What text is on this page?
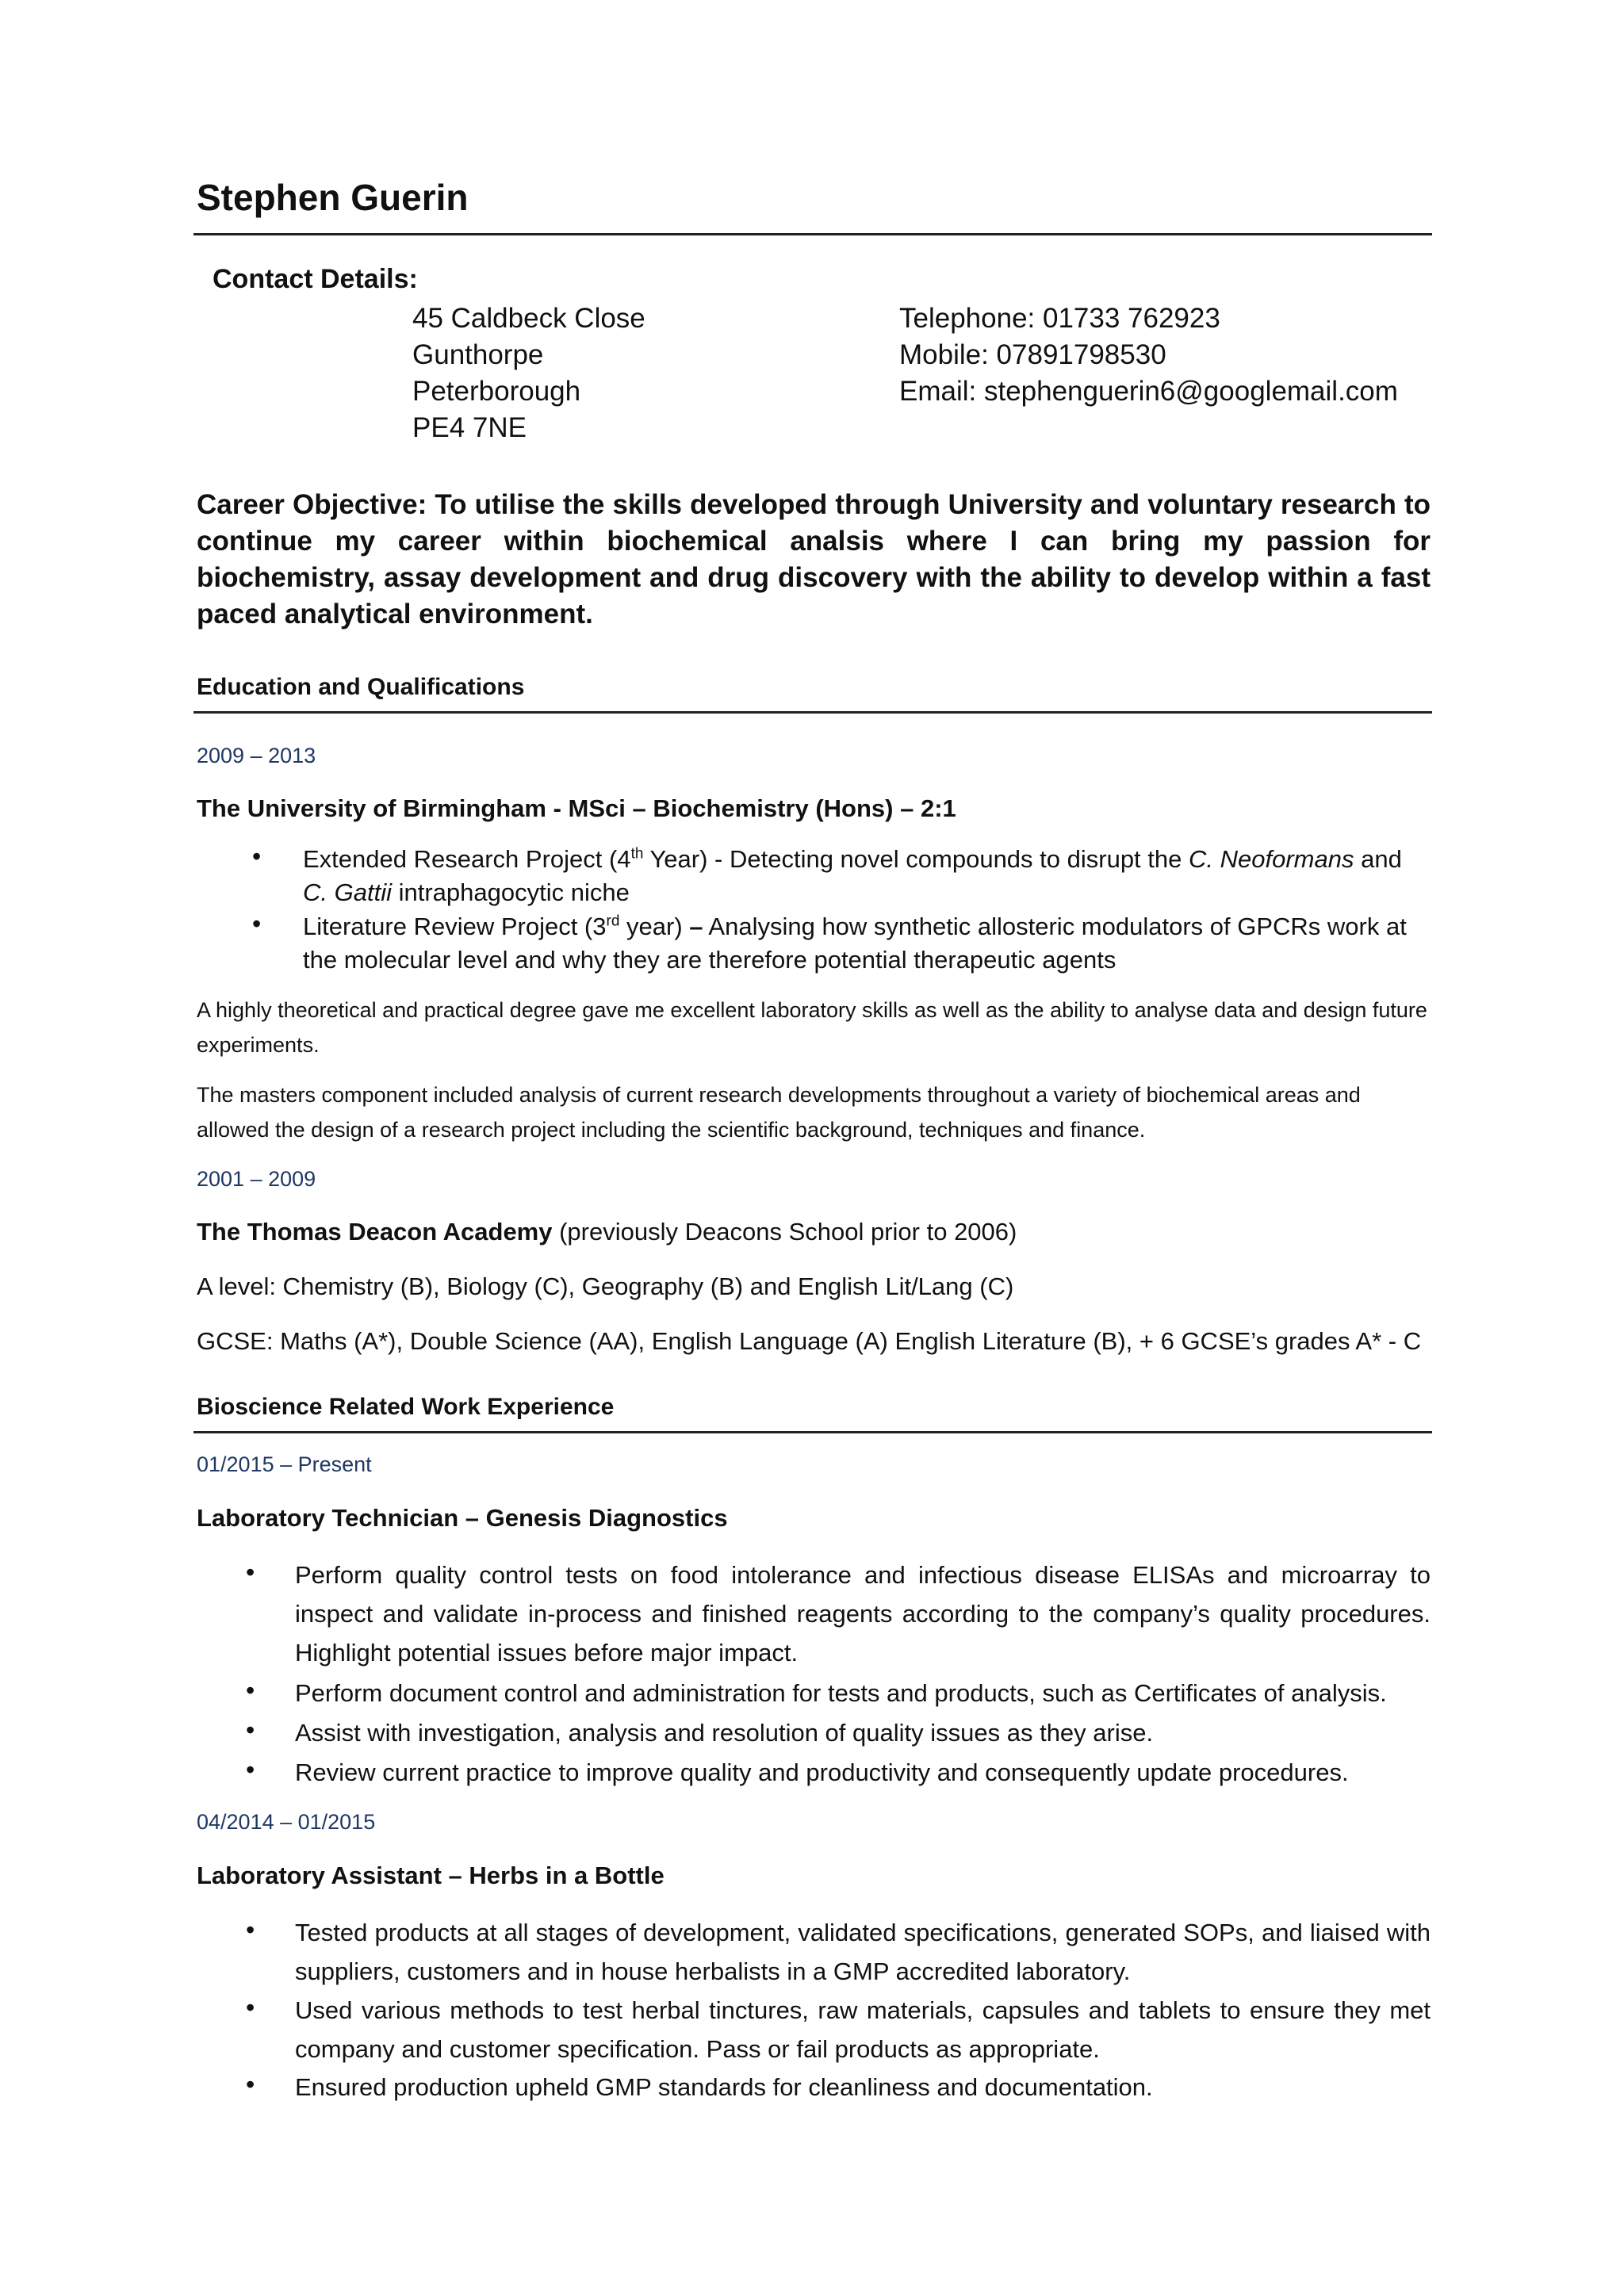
Stephen Guerin
Contact Details:
45 Caldbeck Close
Gunthorpe
Peterborough
PE4 7NE
Telephone: 01733 762923
Mobile: 07891798530
Email: stephenguerin6@googlemail.com
Career Objective: To utilise the skills developed through University and voluntary research to continue my career within biochemical analsis where I can bring my passion for biochemistry, assay development and drug discovery with the ability to develop within a fast paced analytical environment.
Education and Qualifications
2009 – 2013
The University of Birmingham - MSci – Biochemistry (Hons) – 2:1
• Extended Research Project (4th Year) - Detecting novel compounds to disrupt the C. Neoformans and
C. Gattii intraphagocytic niche
• Literature Review Project (3rd year) – Analysing how synthetic allosteric modulators of GPCRs work at the molecular level and why they are therefore potential therapeutic agents
A highly theoretical and practical degree gave me excellent laboratory skills as well as the ability to analyse data and design future experiments.
The masters component included analysis of current research developments throughout a variety of biochemical areas and allowed the design of a research project including the scientific background, techniques and finance.
2001 – 2009
The Thomas Deacon Academy (previously Deacons School prior to 2006)
A level: Chemistry (B), Biology (C), Geography (B) and English Lit/Lang (C)
GCSE: Maths (A*), Double Science (AA), English Language (A) English Literature (B), + 6 GCSE’s grades A* - C
Bioscience Related Work Experience
01/2015 – Present
Laboratory Technician – Genesis Diagnostics
• Perform quality control tests on food intolerance and infectious disease ELISAs and microarray to inspect and validate in-process and finished reagents according to the company’s quality procedures. Highlight potential issues before major impact.
• Perform document control and administration for tests and products, such as Certificates of analysis.
• Assist with investigation, analysis and resolution of quality issues as they arise.
• Review current practice to improve quality and productivity and consequently update procedures.
04/2014 – 01/2015
Laboratory Assistant – Herbs in a Bottle
• Tested products at all stages of development, validated specifications, generated SOPs, and liaised with suppliers, customers and in house herbalists in a GMP accredited laboratory.
• Used various methods to test herbal tinctures, raw materials, capsules and tablets to ensure they met company and customer specification. Pass or fail products as appropriate.
• Ensured production upheld GMP standards for cleanliness and documentation.
